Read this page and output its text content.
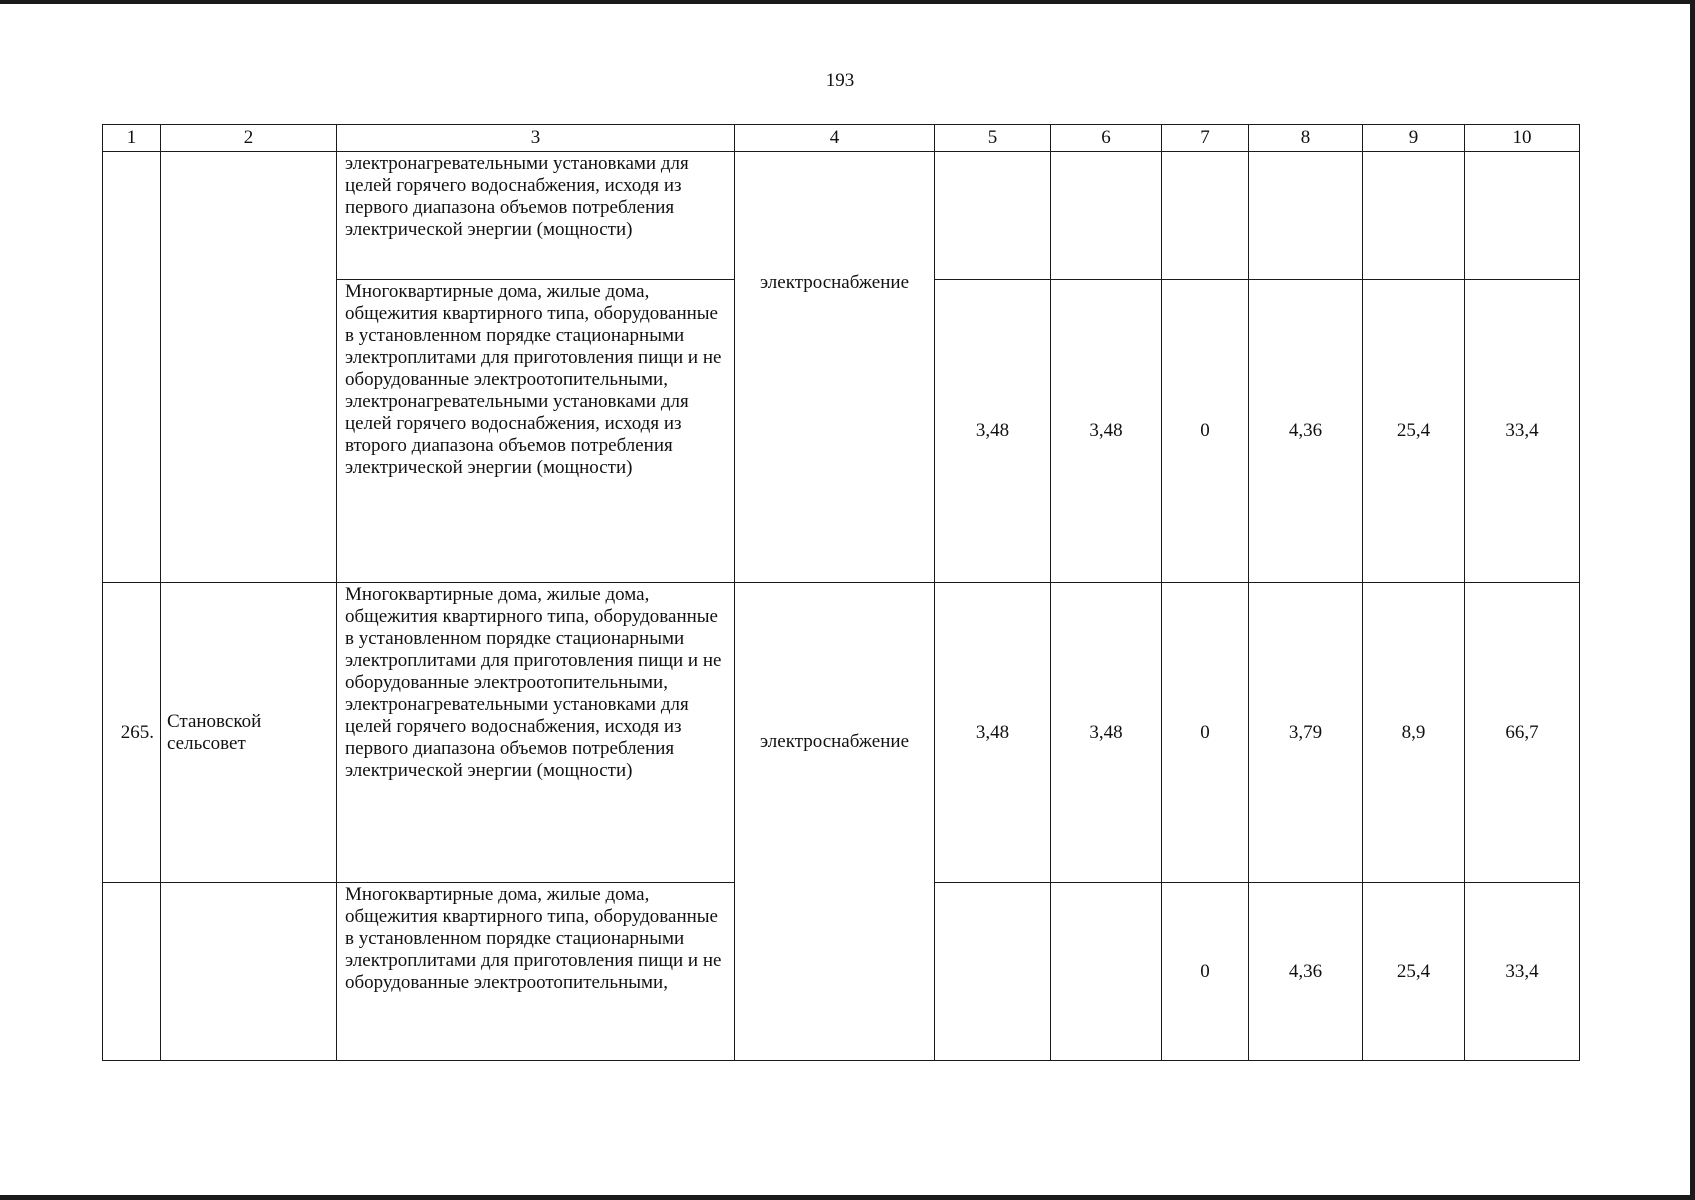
193
1	2	3	4	5	6	7	8	9	10
		электронагревательными установками для целей горячего водоснабжения, исходя из первого диапазона объемов потребления электрической энергии (мощности)	электроснабжение						

		Многоквартирные дома, жилые дома, общежития квартирного типа, оборудованные в установленном порядке стационарными электроплитами для приготовления пищи и не оборудованные электроотопительными, электронагревательными установками для целей горячего водоснабжения, исходя из второго диапазона объемов потребления электрической энергии (мощности)		3,48	3,48	0	4,36	25,4	33,4
265.	Становской сельсовет	Многоквартирные дома, жилые дома, общежития квартирного типа, оборудованные в установленном порядке стационарными электроплитами для приготовления пищи и не оборудованные электроотопительными, электронагревательными установками для целей горячего водоснабжения, исходя из первого диапазона объемов потребления электрической энергии (мощности)	электроснабжение	3,48	3,48	0	3,79	8,9	66,7
		Многоквартирные дома, жилые дома, общежития квартирного типа, оборудованные в установленном порядке стационарными электроплитами для приготовления пищи и не оборудованные электроотопительными,				0	4,36	25,4	33,4
